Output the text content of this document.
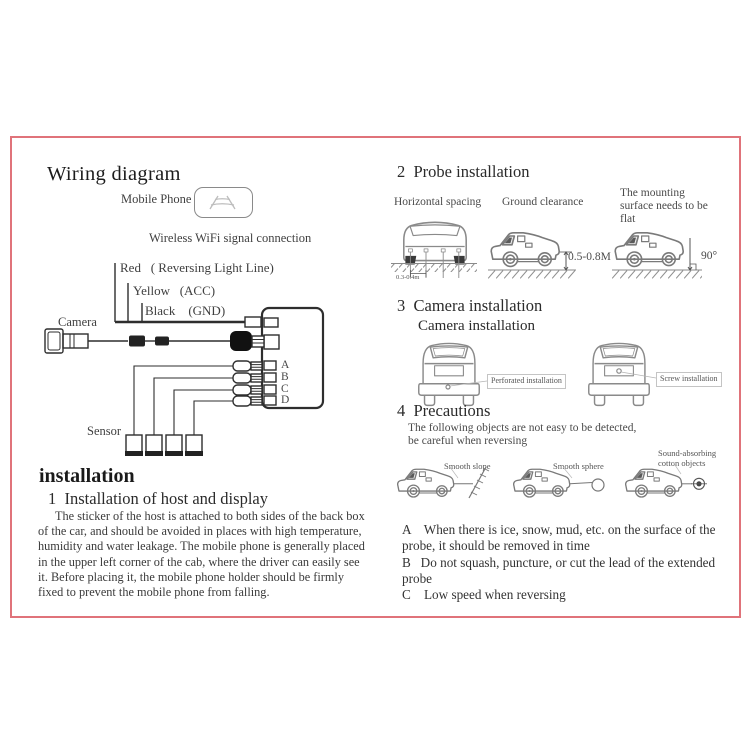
Wiring diagram
Mobile Phone
Wireless WiFi signal connection
Red   ( Reversing Light Line)
Yellow   (ACC)
Black    (GND)
Camera
Sensor
A
B
C
D
installation
1  Installation of host and display
The sticker of the host is attached to both sides of the back box of the car, and should be avoided in places with high temperature, humidity and water leakage. The mobile phone is generally placed in the upper left corner of the cab, where the driver can easily see it. Before placing it, the mobile phone holder should be firmly fixed to prevent the mobile phone from falling.
2  Probe installation
Horizontal spacing Ground clearance
The mounting surface needs to be flat
0.3-0.4m
0.5-0.8M	90°
3  Camera installation
Camera installation
Perforated installation	Screw installation
4  Precautions
The following objects are not easy to be detected,
be careful when reversing
Smooth slope	Smooth sphere
Sound-absorbing cotton objects
A    When there is ice, snow, mud, etc. on the surface of the probe, it should be removed in time
B   Do not squash, puncture, or cut the lead of the extended probe
C    Low speed when reversing
